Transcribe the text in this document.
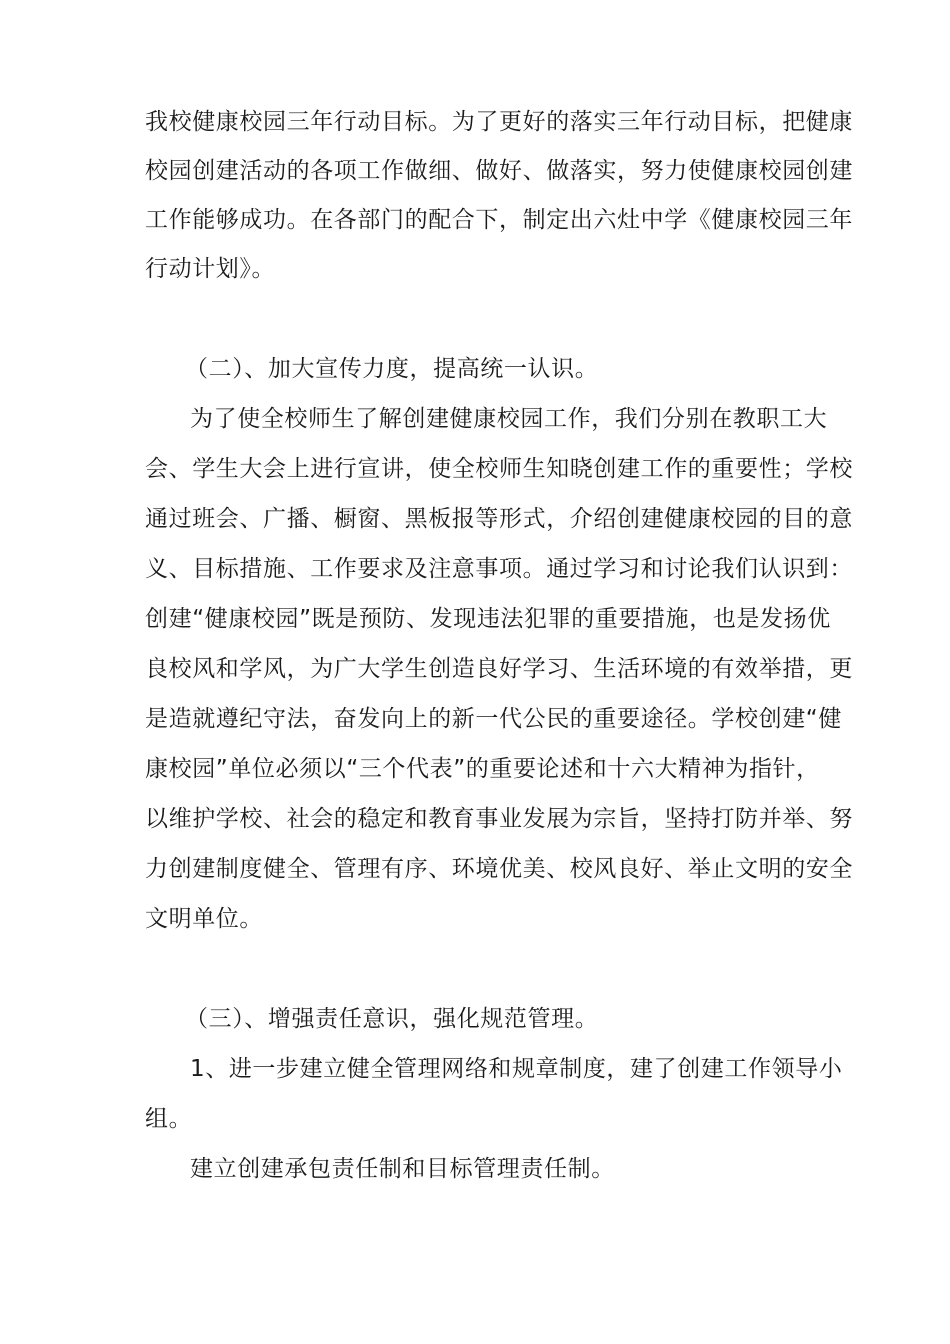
我校健康校园三年行动目标。为了更好的落实三年行动目标，把健康
校园创建活动的各项工作做细、做好、做落实，努力使健康校园创建
工作能够成功。在各部门的配合下，制定出六灶中学《健康校园三年
行动计划》。
（二）、加大宣传力度，提高统一认识。
为了使全校师生了解创建健康校园工作，我们分别在教职工大
会、学生大会上进行宣讲，使全校师生知晓创建工作的重要性；学校
通过班会、广播、橱窗、黑板报等形式，介绍创建健康校园的目的意
义、目标措施、工作要求及注意事项。通过学习和讨论我们认识到：
创建“健康校园”既是预防、发现违法犯罪的重要措施，也是发扬优
良校风和学风，为广大学生创造良好学习、生活环境的有效举措，更
是造就遵纪守法，奋发向上的新一代公民的重要途径。学校创建“健
康校园”单位必须以“三个代表”的重要论述和十六大精神为指针，
以维护学校、社会的稳定和教育事业发展为宗旨，坚持打防并举、努
力创建制度健全、管理有序、环境优美、校风良好、举止文明的安全
文明单位。
（三）、增强责任意识，强化规范管理。
1、进一步建立健全管理网络和规章制度，建了创建工作领导小
组。
建立创建承包责任制和目标管理责任制。
